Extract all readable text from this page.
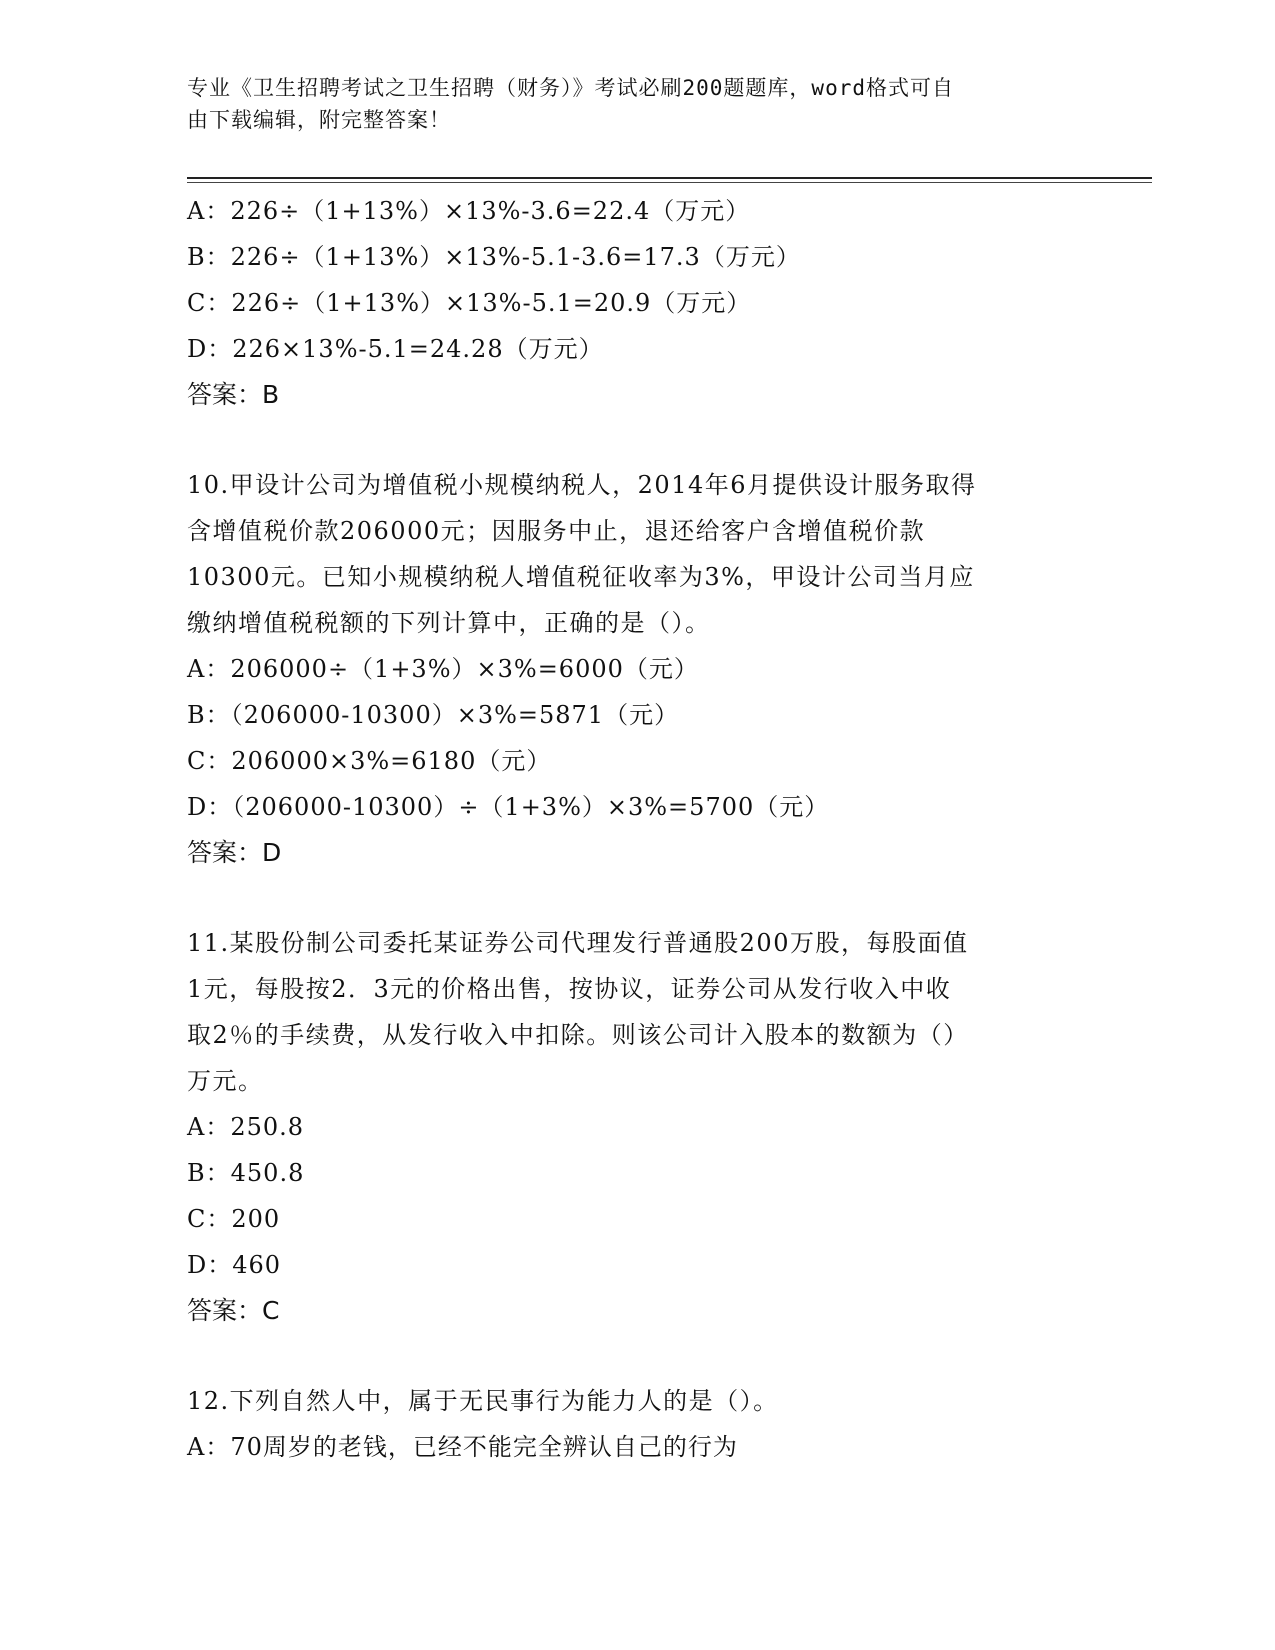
专业《卫生招聘考试之卫生招聘（财务）》考试必刷200题题库，word格式可自
由下载编辑，附完整答案！
A：226÷（1+13%）×13%-3.6=22.4（万元）
B：226÷（1+13%）×13%-5.1-3.6=17.3（万元）
C：226÷（1+13%）×13%-5.1=20.9（万元）
D：226×13%-5.1=24.28（万元）
答案：B
10.甲设计公司为增值税小规模纳税人，2014年6月提供设计服务取得
含增值税价款206000元；因服务中止，退还给客户含增值税价款
10300元。已知小规模纳税人增值税征收率为3%，甲设计公司当月应
缴纳增值税税额的下列计算中，正确的是（）。
A：206000÷（1+3%）×3%=6000（元）
B：（206000-10300）×3%=5871（元）
C：206000×3%=6180（元）
D：（206000-10300）÷（1+3%）×3%=5700（元）
答案：D
11.某股份制公司委托某证券公司代理发行普通股200万股，每股面值
1元，每股按2．3元的价格出售，按协议，证券公司从发行收入中收
取2％的手续费，从发行收入中扣除。则该公司计入股本的数额为（）
万元。
A：250.8
B：450.8
C：200
D：460
答案：C
12.下列自然人中，属于无民事行为能力人的是（）。
A：70周岁的老钱，已经不能完全辨认自己的行为
